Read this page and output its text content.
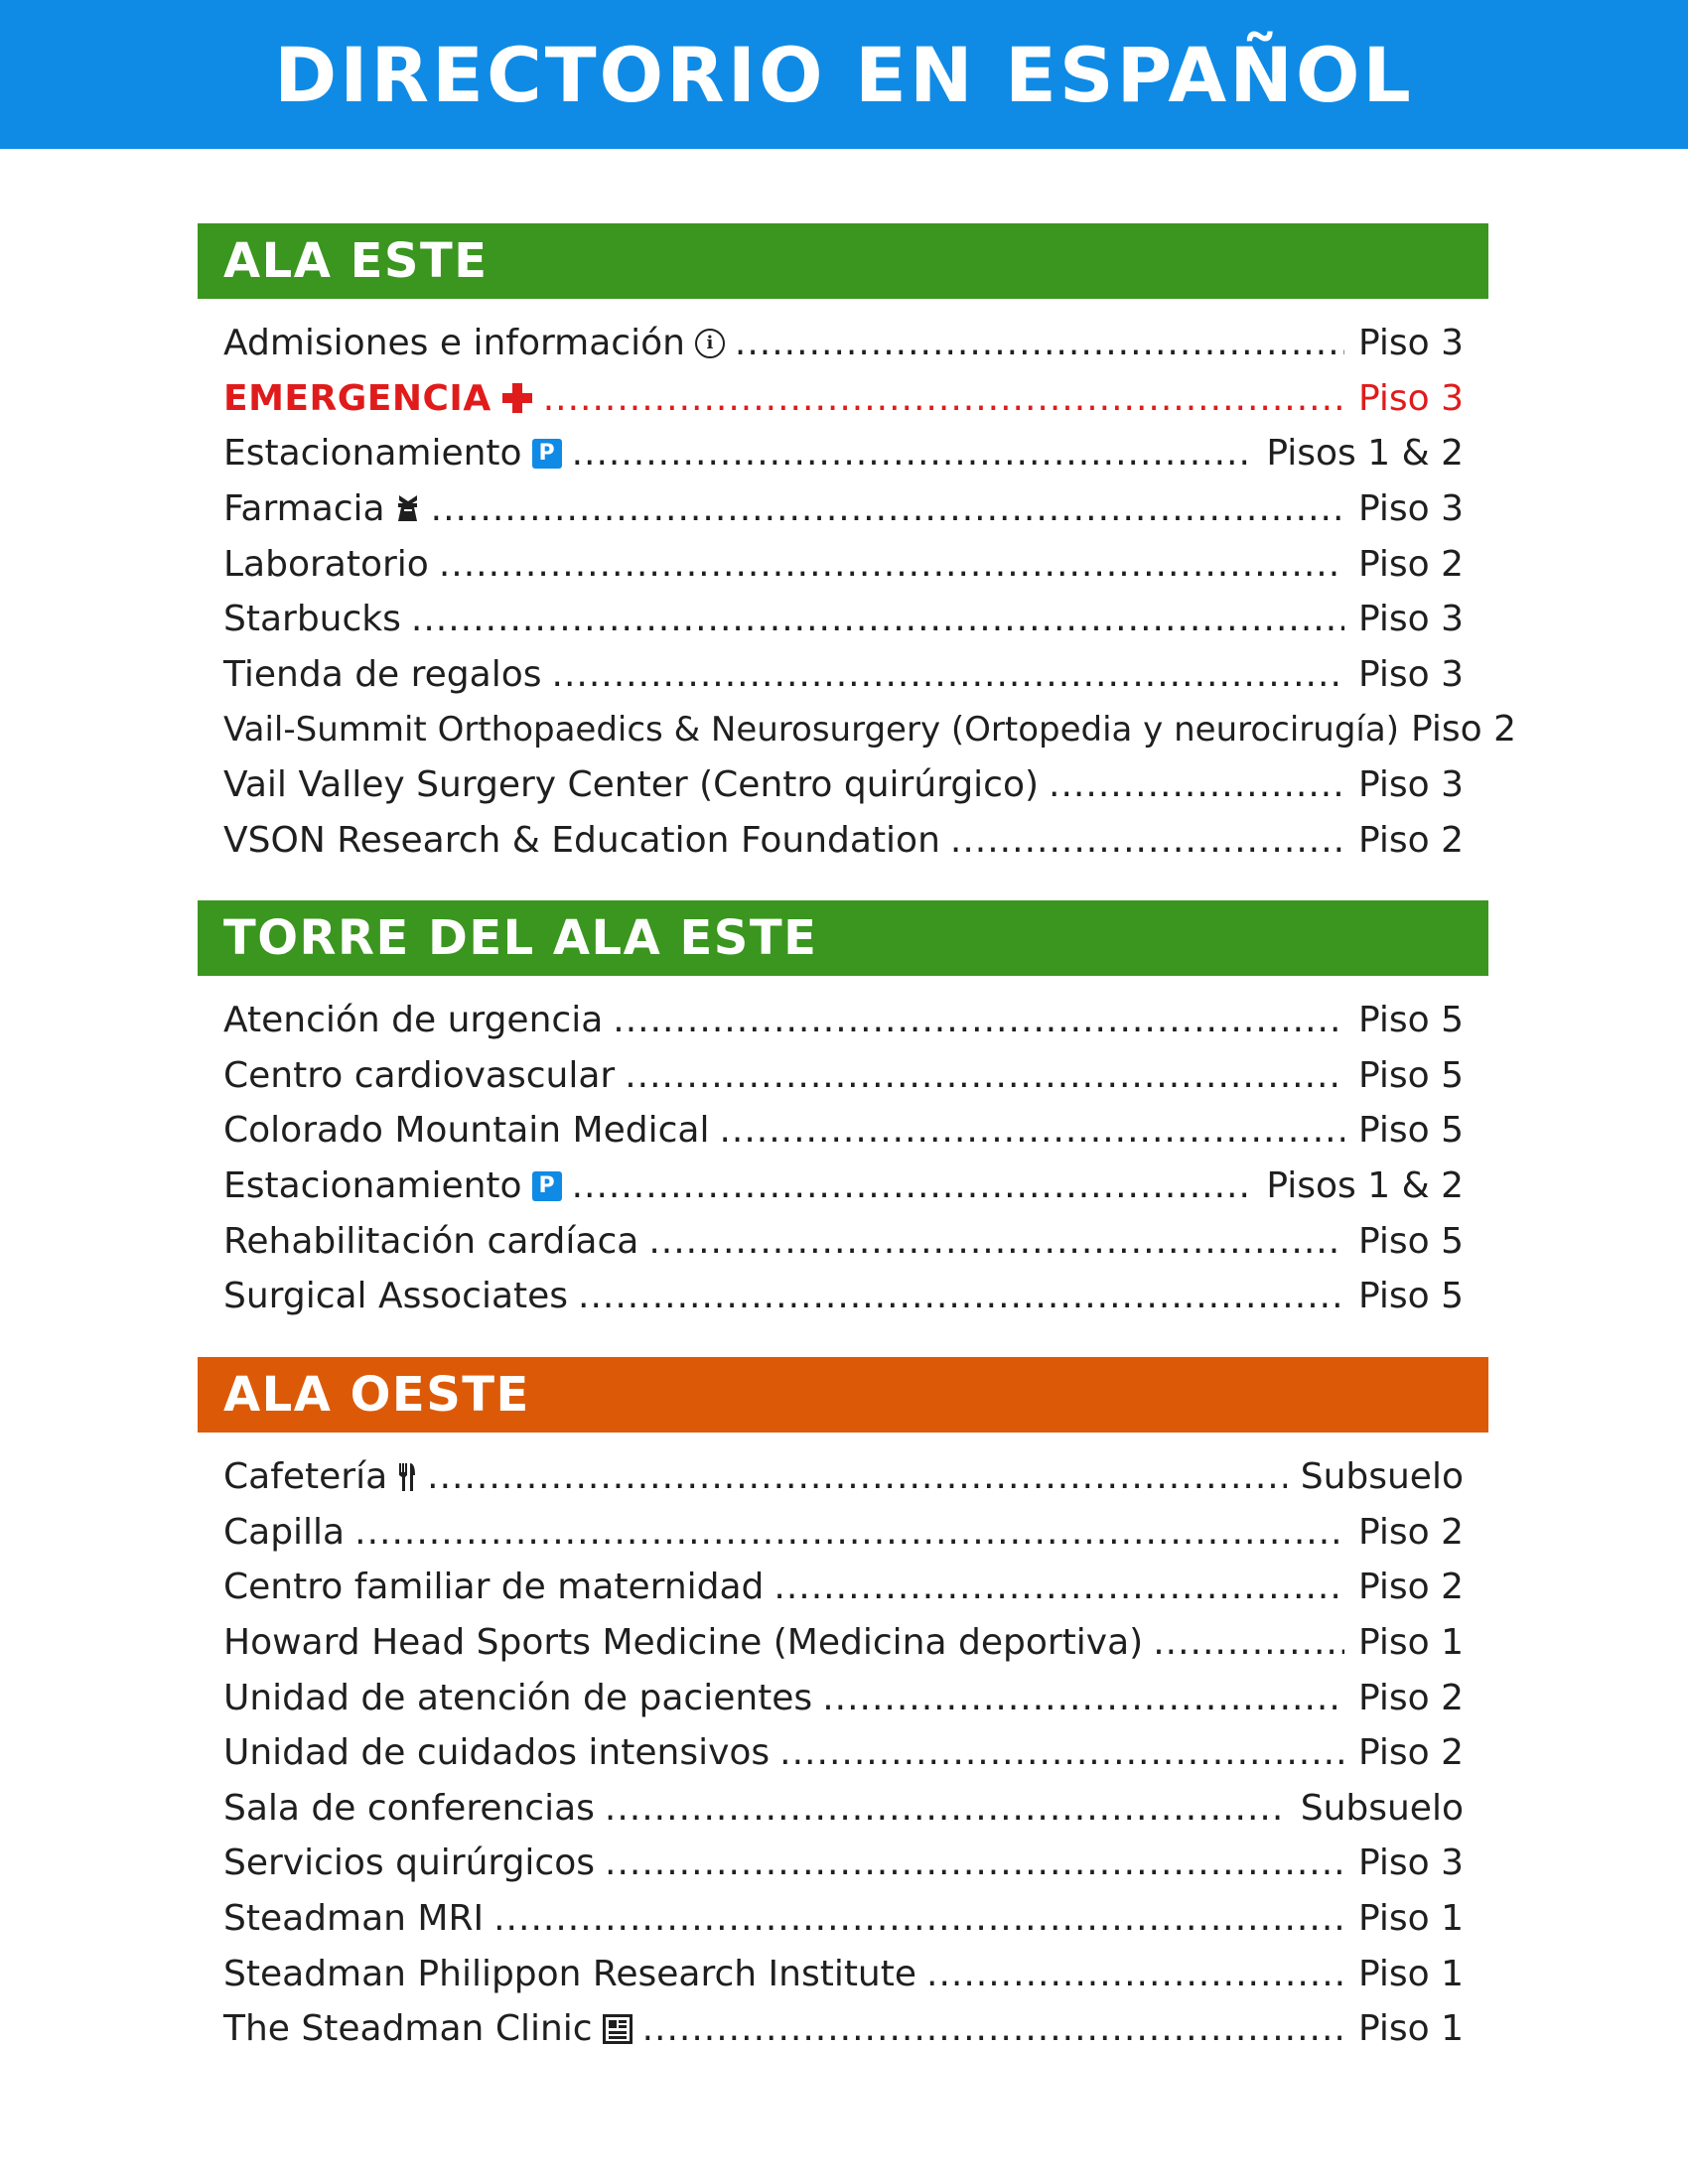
DIRECTORIO EN ESPAÑOL
ALA ESTE
Admisiones e información	i .....	Piso 3
EMERGENCIA .....	Piso 3
Estacionamiento P .....	Pisos 1 & 2
Farmacia .....	Piso 3
Laboratorio .....	Piso 2
Starbucks .....	Piso 3
Tienda de regalos .....	Piso 3
Vail-Summit Orthopaedics & Neurosurgery (Ortopedia y neurocirugía) Piso 2
Vail Valley Surgery Center (Centro quirúrgico) .....	Piso 3
VSON Research & Education Foundation .....	Piso 2
TORRE DEL ALA ESTE
Atención de urgencia .....	Piso 5
Centro cardiovascular .....	Piso 5
Colorado Mountain Medical .....	Piso 5
Estacionamiento P .....	Pisos 1 & 2
Rehabilitación cardíaca .....	Piso 5
Surgical Associates .....	Piso 5
ALA OESTE
Cafetería .....	Subsuelo
Capilla .....	Piso 2
Centro familiar de maternidad .....	Piso 2
Howard Head Sports Medicine (Medicina deportiva) .....	Piso 1
Unidad de atención de pacientes .....	Piso 2
Unidad de cuidados intensivos .....	Piso 2
Sala de conferencias .....	Subsuelo
Servicios quirúrgicos .....	Piso 3
Steadman MRI .....	Piso 1
Steadman Philippon Research Institute .....	Piso 1
The Steadman Clinic .....	Piso 1
